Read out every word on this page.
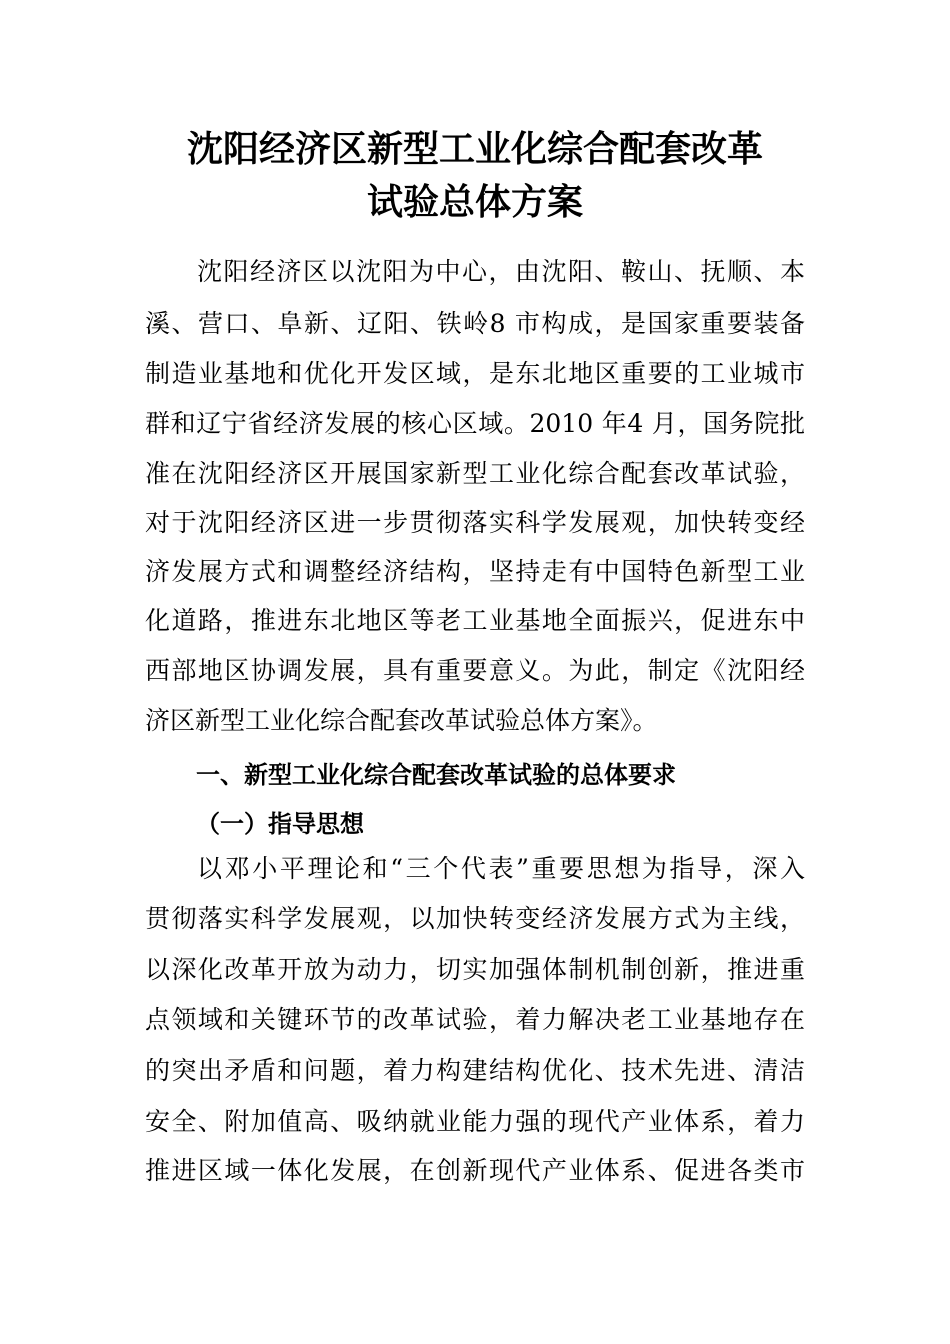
沈阳经济区新型工业化综合配套改革
试验总体方案
沈阳经济区以沈阳为中心，由沈阳、鞍山、抚顺、本
溪、营口、阜新、辽阳、铁岭8 市构成，是国家重要装备
制造业基地和优化开发区域，是东北地区重要的工业城市
群和辽宁省经济发展的核心区域。2010 年4 月，国务院批
准在沈阳经济区开展国家新型工业化综合配套改革试验，
对于沈阳经济区进一步贯彻落实科学发展观，加快转变经
济发展方式和调整经济结构，坚持走有中国特色新型工业
化道路，推进东北地区等老工业基地全面振兴，促进东中
西部地区协调发展，具有重要意义。为此，制定《沈阳经
济区新型工业化综合配套改革试验总体方案》。
一、新型工业化综合配套改革试验的总体要求
（一）指导思想
以邓小平理论和“三个代表”重要思想为指导，深入
贯彻落实科学发展观，以加快转变经济发展方式为主线，
以深化改革开放为动力，切实加强体制机制创新，推进重
点领域和关键环节的改革试验，着力解决老工业基地存在
的突出矛盾和问题，着力构建结构优化、技术先进、清洁
安全、附加值高、吸纳就业能力强的现代产业体系，着力
推进区域一体化发展，在创新现代产业体系、促进各类市
